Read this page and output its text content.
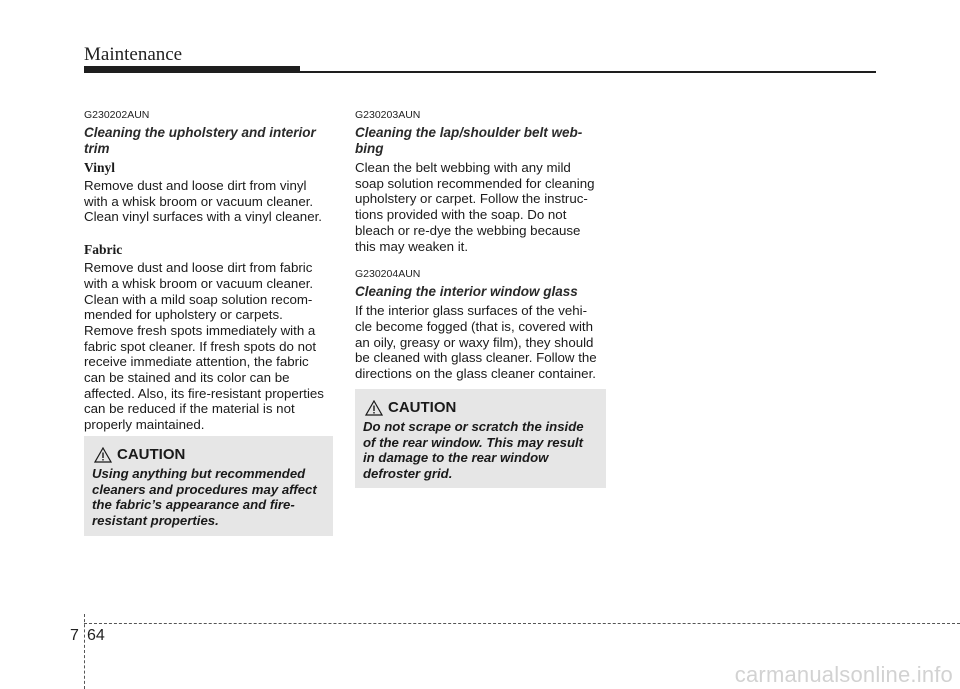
Maintenance

G230202AUN

Cleaning the upholstery and interior
trim
Vinyl
Remove dust and loose dirt from vinyl
with a whisk broom or vacuum cleaner.
Clean vinyl surfaces with a vinyl cleaner.
Fabric
Remove dust and loose dirt from fabric
with a whisk broom or vacuum cleaner.
Clean with a mild soap solution recom-
mended for upholstery or carpets.
Remove fresh spots immediately with a
fabric spot cleaner. If fresh spots do not
receive immediate attention, the fabric
can be stained and its color can be
affected. Also, its fire-resistant properties
can be reduced if the material is not
properly maintained.
CAUTION
Using anything but recommended
cleaners and procedures may affect
the fabric’s appearance and fire-
resistant properties.

G230203AUN

Cleaning the lap/shoulder belt web-
bing
Clean the belt webbing with any mild
soap solution recommended for cleaning
upholstery or carpet. Follow the instruc-
tions provided with the soap. Do not
bleach or re-dye the webbing because
this may weaken it.

G230204AUN

Cleaning the interior window glass
If the interior glass surfaces of the vehi-
cle become fogged (that is, covered with
an oily, greasy or waxy film), they should
be cleaned with glass cleaner. Follow the
directions on the glass cleaner container.
CAUTION
Do not scrape or scratch the inside
of the rear window. This may result
in damage to the rear window
defroster grid.
7 64
carmanualsonline.info
